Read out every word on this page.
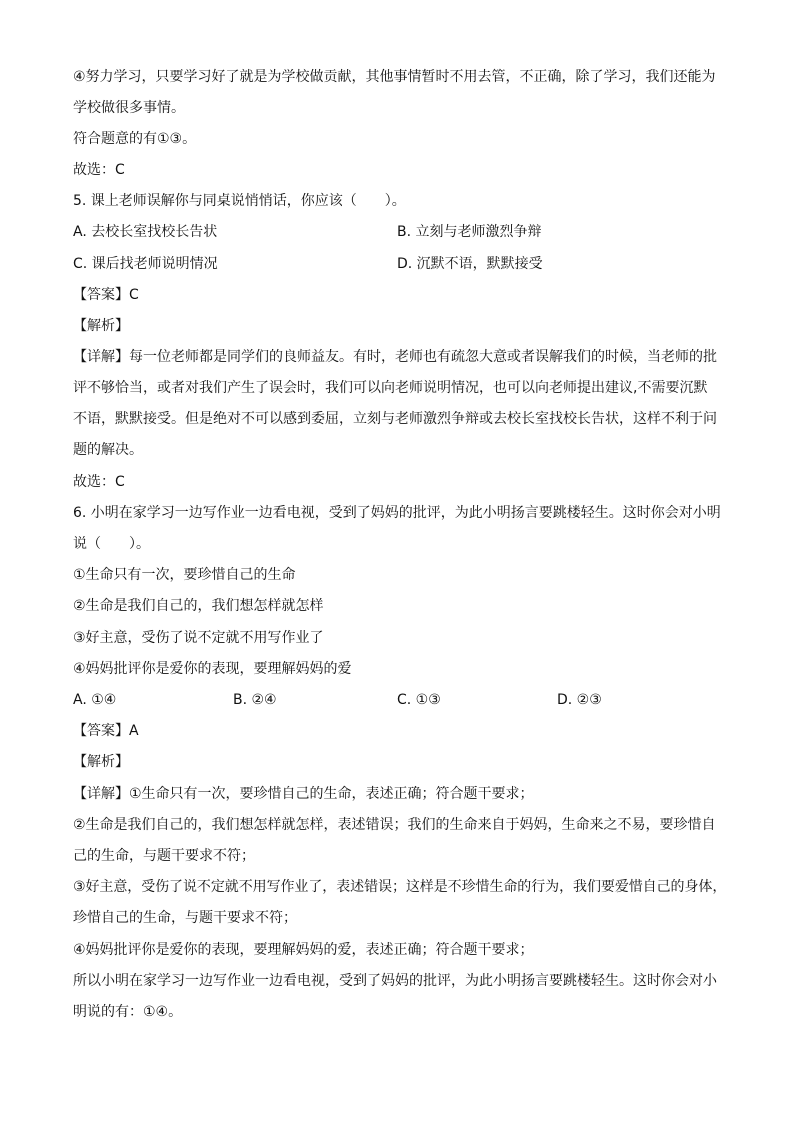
④努力学习，只要学习好了就是为学校做贡献，其他事情暂时不用去管，不正确，除了学习，我们还能为
学校做很多事情。
符合题意的有①③。
故选：C
5. 课上老师误解你与同桌说悄悄话，你应该（　　）。
A. 去校长室找校长告状	B. 立刻与老师激烈争辩
C. 课后找老师说明情况	D. 沉默不语，默默接受
【答案】C
【解析】
【详解】每一位老师都是同学们的良师益友。有时，老师也有疏忽大意或者误解我们的时候，当老师的批
评不够恰当，或者对我们产生了误会时，我们可以向老师说明情况，也可以向老师提出建议,不需要沉默
不语，默默接受。但是绝对不可以感到委屈，立刻与老师激烈争辩或去校长室找校长告状，这样不利于问
题的解决。
故选：C
6. 小明在家学习一边写作业一边看电视，受到了妈妈的批评，为此小明扬言要跳楼轻生。这时你会对小明
说（　　）。
①生命只有一次，要珍惜自己的生命
②生命是我们自己的，我们想怎样就怎样
③好主意，受伤了说不定就不用写作业了
④妈妈批评你是爱你的表现，要理解妈妈的爱
A. ①④	B. ②④	C. ①③	D. ②③
【答案】A
【解析】
【详解】①生命只有一次，要珍惜自己的生命，表述正确；符合题干要求；
②生命是我们自己的，我们想怎样就怎样，表述错误；我们的生命来自于妈妈，生命来之不易，要珍惜自
己的生命，与题干要求不符；
③好主意，受伤了说不定就不用写作业了，表述错误；这样是不珍惜生命的行为，我们要爱惜自己的身体，
珍惜自己的生命，与题干要求不符；
④妈妈批评你是爱你的表现，要理解妈妈的爱，表述正确；符合题干要求；
所以小明在家学习一边写作业一边看电视，受到了妈妈的批评，为此小明扬言要跳楼轻生。这时你会对小
明说的有：①④。
